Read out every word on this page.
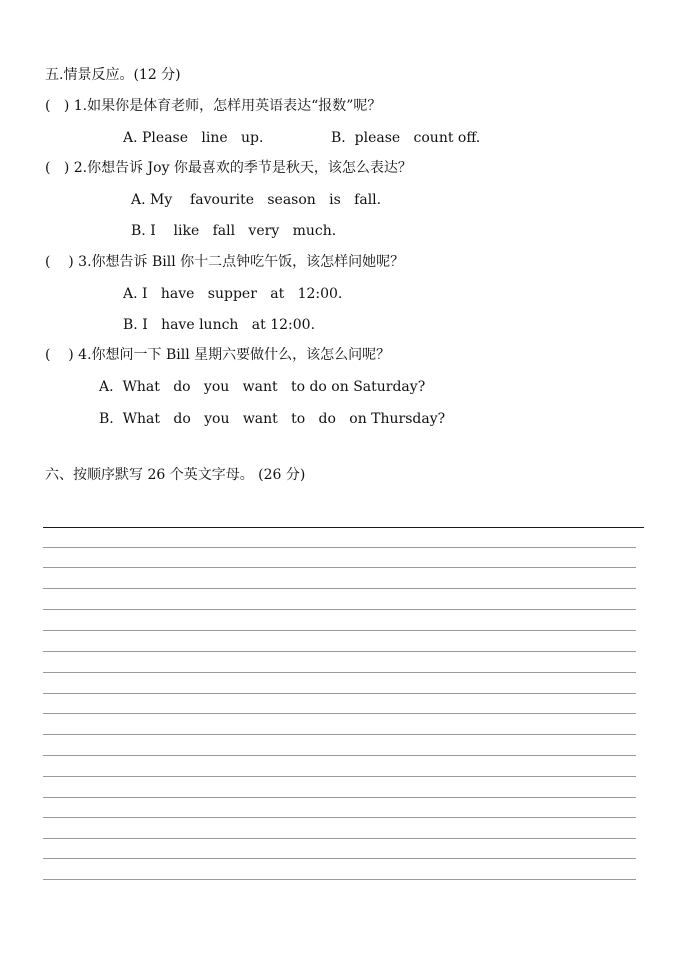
五.情景反应。(12 分)

(   ) 1.如果你是体育老师，怎样用英语表达“报数”呢？

A. Please   line   up.	B.  please   count off.

(   ) 2.你想告诉 Joy 你最喜欢的季节是秋天，该怎么表达？

A. My    favourite   season   is   fall.

B. I    like   fall   very   much.

(    ) 3.你想告诉 Bill 你十二点钟吃午饭，该怎样问她呢？

A. I   have   supper   at   12:00.

B. I   have lunch   at 12:00.

(    ) 4.你想问一下 Bill 星期六要做什么，该怎么问呢？

A.  What   do   you   want   to do on Saturday?

B.  What   do   you   want   to   do   on Thursday?

六、按顺序默写 26 个英文字母。 (26 分)
